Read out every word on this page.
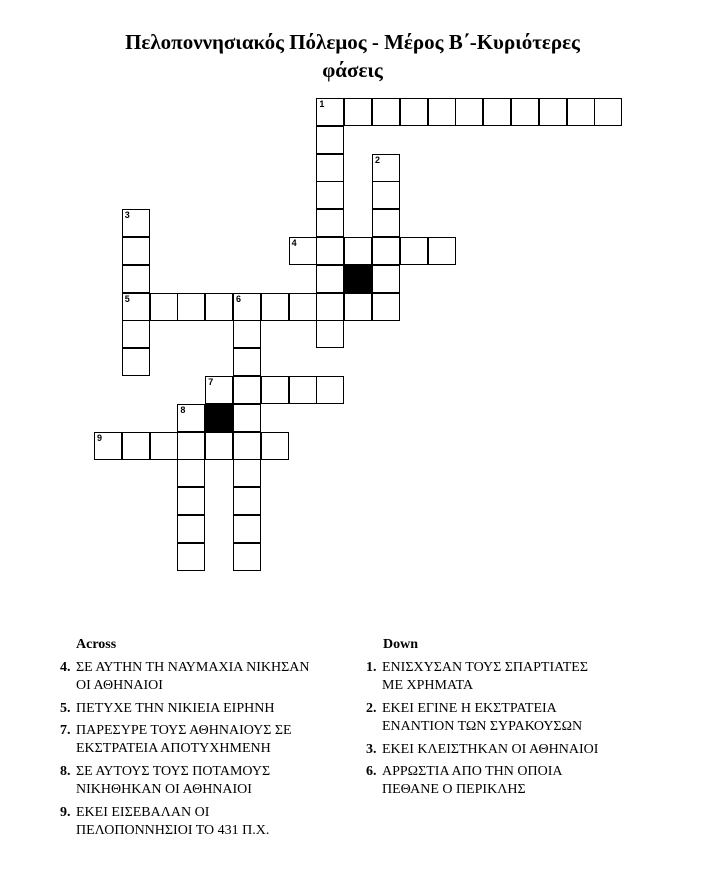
Πελοποννησιακός Πόλεμος - Μέρος Β΄-Κυριότερες
φάσεις
1
2
3
5
4
6
7
8
9
Across	Down
4. ΣΕ ΑΥΤΗΝ ΤΗ ΝΑΥΜΑΧΙΑ ΝΙΚΗΣΑΝ
ΟΙ ΑΘΗΝΑΙΟΙ
5. ΠΕΤΥΧΕ ΤΗΝ ΝΙΚΙΕΙΑ ΕΙΡΗΝΗ
7. ΠΑΡΕΣΥΡΕ ΤΟΥΣ ΑΘΗΝΑΙΟΥΣ ΣΕ
ΕΚΣΤΡΑΤΕΙΑ ΑΠΟΤΥΧΗΜΕΝΗ
8. ΣΕ ΑΥΤΟΥΣ ΤΟΥΣ ΠΟΤΑΜΟΥΣ
ΝΙΚΗΘΗΚΑΝ ΟΙ ΑΘΗΝΑΙΟΙ
9. ΕΚΕΙ ΕΙΣΕΒΑΛΑΝ ΟΙ
ΠΕΛΟΠΟΝΝΗΣΙΟΙ ΤΟ 431 Π.Χ.
1. ΕΝΙΣΧΥΣΑΝ ΤΟΥΣ ΣΠΑΡΤΙΑΤΕΣ
ΜΕ ΧΡΗΜΑΤΑ
2. ΕΚΕΙ ΕΓΙΝΕ Η ΕΚΣΤΡΑΤΕΙΑ
ΕΝΑΝΤΙΟΝ ΤΩΝ ΣΥΡΑΚΟΥΣΩΝ
3. ΕΚΕΙ ΚΛΕΙΣΤΗΚΑΝ ΟΙ ΑΘΗΝΑΙΟΙ
6. ΑΡΡΩΣΤΙΑ ΑΠΟ ΤΗΝ ΟΠΟΙΑ
ΠΕΘΑΝΕ Ο ΠΕΡΙΚΛΗΣ
